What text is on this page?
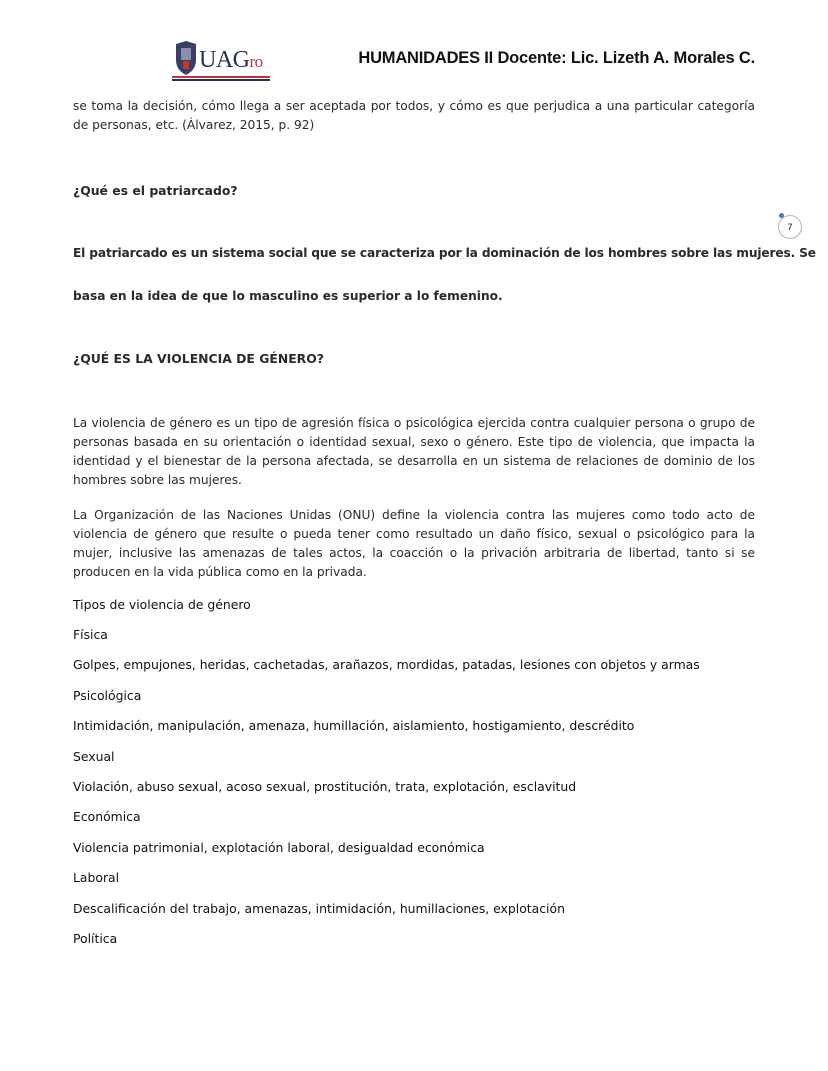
UAGro	HUMANIDADES II Docente: Lic. Lizeth A. Morales C.
7

se toma la decisión, cómo llega a ser aceptada por todos, y cómo es que perjudica a una particular categoría de personas, etc. (Álvarez, 2015, p. 92)

¿Qué es el patriarcado?

El patriarcado es un sistema social que se caracteriza por la dominación de los hombres sobre las mujeres. Se

basa en la idea de que lo masculino es superior a lo femenino.

¿QUÉ ES LA VIOLENCIA DE GÉNERO?

La violencia de género es un tipo de agresión física o psicológica ejercida contra cualquier persona o grupo de personas basada en su orientación o identidad sexual, sexo o género. Este tipo de violencia, que impacta la identidad y el bienestar de la persona afectada, se desarrolla en un sistema de relaciones de dominio de los hombres sobre las mujeres.

La Organización de las Naciones Unidas (ONU) define la violencia contra las mujeres como todo acto de violencia de género que resulte o pueda tener como resultado un daño físico, sexual o psicológico para la mujer, inclusive las amenazas de tales actos, la coacción o la privación arbitraria de libertad, tanto si se producen en la vida pública como en la privada.

Tipos de violencia de género

Física

Golpes, empujones, heridas, cachetadas, arañazos, mordidas, patadas, lesiones con objetos y armas

Psicológica

Intimidación, manipulación, amenaza, humillación, aislamiento, hostigamiento, descrédito

Sexual

Violación, abuso sexual, acoso sexual, prostitución, trata, explotación, esclavitud

Económica

Violencia patrimonial, explotación laboral, desigualdad económica

Laboral

Descalificación del trabajo, amenazas, intimidación, humillaciones, explotación

Política
